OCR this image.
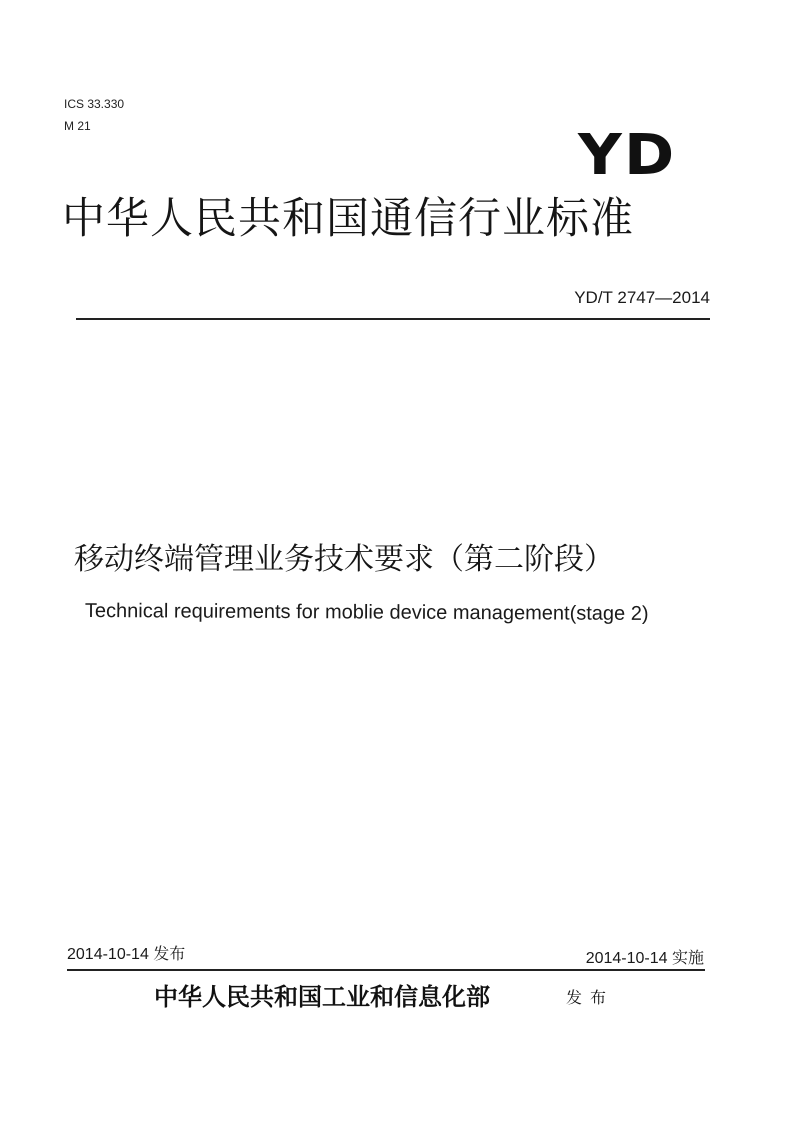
ICS 33.330
M 21	YD
中华人民共和国通信行业标准
YD/T 2747—2014
移动终端管理业务技术要求（第二阶段）
Technical requirements for moblie device management(stage 2)
2014-10-14 发布	2014-10-14 实施
中华人民共和国工业和信息化部	发布
